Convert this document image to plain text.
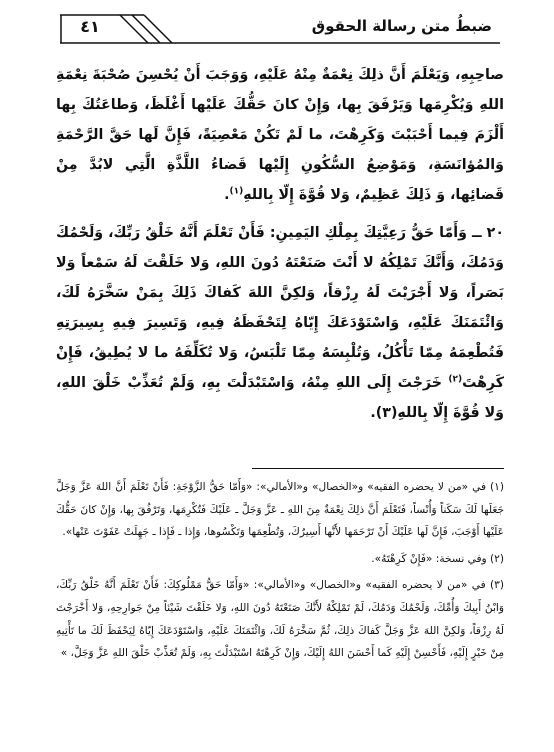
٤١	ضبطُ متن رسالة الحقوق

صاحِبِهِ، وَيَعْلَمَ أَنَّ ذلِكَ نِعْمَةٌ مِنْهُ عَلَيْهِ، وَوَجَبَ أَنْ يُحْسِنَ صُحْبَةَ نِعْمَةِ اللهِ وَيُكْرِمَها وَيَرْفَقَ بِها، وَإِنْ كانَ حَقُّكَ عَلَيْها أَغْلَظَ، وَطاعَتُكَ بِها أَلْزَمَ فِيما أَحْبَبْتَ وَكَرِهْتَ، ما لَمْ تَكُنْ مَعْصِيَةً، فَإِنَّ لَها حَقَّ الرَّحْمَةِ وَالمُؤانَسَةِ، وَمَوْضِعُ السُّكُونِ إِلَيْها قَضاءُ اللَّذَّةِ الَّتِي لابُدَّ مِنْ قَضائِها، وَ ذَلِكَ عَظِيمٌ، وَلا قُوَّةَ إِلّا بِاللهِ$^{(١)}$.

٢٠ ــ وَأَمّا حَقُّ رَعِيَّتِكَ بِمِلْكِ اليَمِينِ: فَأَنْ تَعْلَمَ أَنَّهُ خَلْقُ رَبِّكَ، وَلَحْمُكَ وَدَمُكَ، وَأَنَّكَ تَمْلِكُهُ لا أَنْتَ صَنَعْتَهُ دُونَ اللهِ، وَلا خَلَقْتَ لَهُ سَمْعاً وَلا بَصَراً، وَلا أَجْرَيْتَ لَهُ رِزْقاً، وَلكِنَّ اللهَ كَفاكَ ذَلِكَ بِمَنْ سَخَّرَهُ لَكَ، وَائْتَمَنَكَ عَلَيْهِ، وَاسْتَوْدَعَكَ إِيّاهُ لِتَحْفَظَهُ فِيهِ، وَتَسِيرَ فِيهِ بِسِيرَتِهِ فَتُطْعِمَهُ مِمّا تَأْكُلُ، وَتُلْبِسَهُ مِمّا تَلْبَسُ، وَلا تُكَلِّفَهُ ما لا يُطِيقُ، فَإِنْ كَرِهْتَ$^{(٢)}$ خَرَجْتَ إِلَى اللهِ مِنْهُ، وَاسْتَبْدَلْتَ بِهِ، وَلَمْ تُعَذِّبْ خَلْقَ اللهِ، وَلا قُوَّةَ إِلّا بِاللهِ(٣).

(١) في «من لا يحضره الفقيه» و«الخصال» و«الأمالي»: «وَأَمّا حَقُّ الزَّوْجَةِ: فَأَنْ تَعْلَمَ أَنَّ اللهَ عَزَّ وَجَلَّ جَعَلَها لَكَ سَكَناً وَأُنْساً، فَتَعْلَمَ أَنَّ ذلِكَ نِعْمَةٌ مِنَ اللهِ ـ عَزَّ وَجَلَّ ـ عَلَيْكَ فَتُكْرِمَها، وَتَرْفُقَ بِها، وَإِنْ كانَ حَقُّكَ عَلَيْها أَوْجَبَ، فَإِنَّ لَها عَلَيْكَ أَنْ تَرْحَمَها لأَنَّها أَسِيرُكَ، وَتُطْعِمَها وَتَكْسُوها، وَإِذا ـ فَإِذا ـ جَهِلَتْ عَفَوْتَ عَنْها».

(٢) وفي نسخة: «فَإِنْ كَرِهْتَهُ».

(٣) في «من لا يحضره الفقيه» و«الخصال» و«الأمالي»: «وَأَمّا حَقُّ مَمْلُوكِكَ: فَأَنْ تَعْلَمَ أَنَّهُ خَلْقُ رَبِّكَ، وَابْنُ أَبِيكَ وَأُمِّكَ، وَلَحْمُكَ وَدَمُكَ، لَمْ تَمْلِكْهُ لأَنَّكَ صَنَعْتَهُ دُونَ اللهِ، وَلا خَلَقْتَ شَيْئاً مِنْ جَوارِحِهِ، وَلا أَخْرَجْتَ لَهُ رِزْقاً، وَلكِنَّ اللهَ عَزَّ وَجَلَّ كَفاكَ ذلِكَ، ثُمَّ سَخَّرَهُ لَكَ، وَائْتَمَنَكَ عَلَيْهِ، وَاسْتَوْدَعَكَ إِيّاهُ لِيَحْفَظَ لَكَ ما تَأْتِيهِ مِنْ خَيْرٍ إِلَيْهِ، فَأَحْسِنْ إِلَيْهِ كَما أَحْسَنَ اللهُ إِلَيْكَ، وَإِنْ كَرِهْتَهُ اسْتَبْدَلْتَ بِهِ، وَلَمْ تُعَذِّبْ خَلْقَ اللهِ عَزَّ وَجَلَّ، »
